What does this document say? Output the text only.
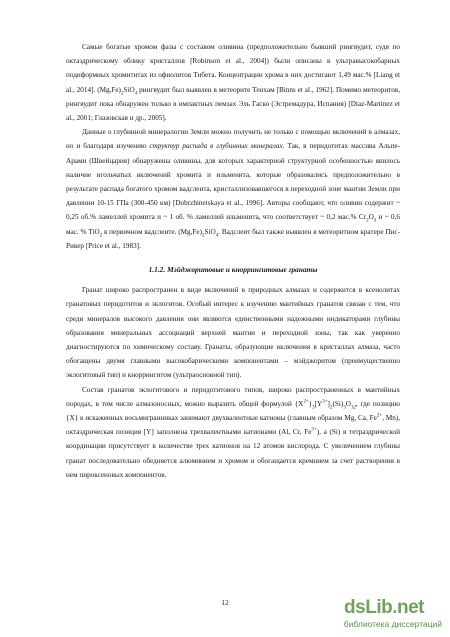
Самые богатые хромом фазы с составом оливина (предположительно бывший рингвудит, судя по октаэдрическому облику кристаллов [Robinson et al., 2004]) были описаны в ультравысокобарных подиформных хромититах из офиолитов Тибета. Концентрации хрома в них достигают 1,49 мас.% [Liang et al., 2014]. $(Mg,Fe)_2SiO_4$ рингвудит был выявлен в метеорите Тенхам [Binns et al., 1962]. Помимо метеоритов, рингвудит пока обнаружен только в импактных пемзах Эль Гаско (Эстремадура, Испания) [Diaz-Martinez et al., 2001; Глазовская и др., 2005].

Данные о глубинной минералогии Земли можно получить не только с помощью включений в алмазах, но и благодаря изучению структур распада в глубинных минералах. Так, в перидотитах массива Альпе-Арами (Швейцария) обнаружены оливины, для которых характерной структурной особенностью явилось наличие игольчатых включений хромита и ильменита, которые образовались предположительно в результате распада богатого хромом вадслеита, кристаллизовавшегося в переходной зоне мантии Земли при давлении 10-15 ГПа (300-450 км) [Dobrzhinetskaya et al., 1996]. Авторы сообщают, что оливин содержит ~ 0,25 об.% ламеллей хромита и ~ 1 об. % ламеллей ильменита, что соответствует ~ 0,2 мас.% $Cr_2O_3$ и ~ 0,6 мас. % TiO$_2$ в первичном вадслеите. $(Mg,Fe)_2SiO_4$. Вадслеит был также выявлен в метеоритном кратере Пис-Ривер [Price et al., 1983].

1.1.2. Мэйджоритовые и кноррингитовые гранаты

Гранат широко распространен в виде включений в природных алмазах и содержится в ксенолитах гранатовых перидотитов и эклогитов. Особый интерес к изучению мантийных гранатов связан с тем, что среди минералов высокого давления они являются единственными надежными индикаторами глубины образования минеральных ассоциаций верхней мантии и переходной зоны, так как уверенно диагностируются по химическому составу. Гранаты, образующие включения в кристаллах алмаза, часто обогащены двумя главными высокобарическими компонентами – мэйджоритом (преимущественно эклогитовый тип) и кноррингитом (ультраосновной тип).

Состав гранатов эклогитового и перидотитового типов, широко распространенных в мантийных породах, в том числе алмазоносных, можно выразить общей формулой $\{X^{2+}\}_3[Y^{3+}]_2(Si)_3O_{12}$, где позицию {X} в искаженных восьмигранниках занимают двухвалентные катионы (главным образом Mg, Ca, $Fe^{2+}$, Mn), октаэдрическая позиция [Y] заполнена трехвалентными катионами (Al, Cr, $Fe^{3+}$), а (Si) в тетраэдрической координации присутствует в количестве трех катионов на 12 атомов кислорода. С увеличением глубины гранат последовательно обедняется алюминием и хромом и обогащается кремнием за счет растворения в нем пироксеновых компонентов.

12	dsLib.net
библиотека диссертаций
